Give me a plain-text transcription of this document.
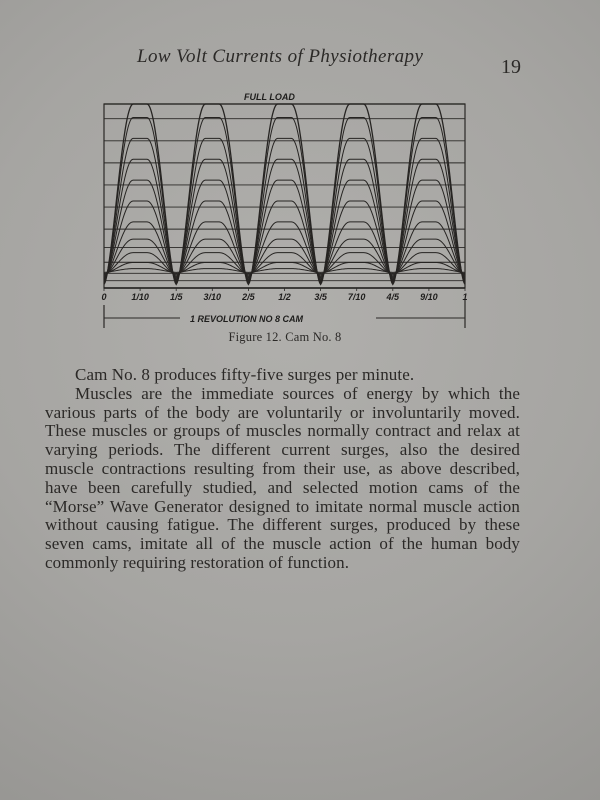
Low Volt Currents of Physiotherapy	19
FULL LOAD
0	1/10 1/5 3/10 2/5	1/2	3/5 7/10 4/5 9/10	1
1 REVOLUTION NO 8 CAM
Figure 12. Cam No. 8

Cam No. 8 produces fifty-five surges per minute.

Muscles are the immediate sources of energy by which the various parts of the body are voluntarily or involuntarily moved. These muscles or groups of muscles normally contract and relax at varying periods. The different current surges, also the desired muscle contractions resulting from their use, as above described, have been carefully studied, and selected motion cams of the “Morse” Wave Generator designed to imitate normal muscle action without causing fatigue. The different surges, produced by these seven cams, imitate all of the muscle action of the human body commonly requiring restoration of function.
